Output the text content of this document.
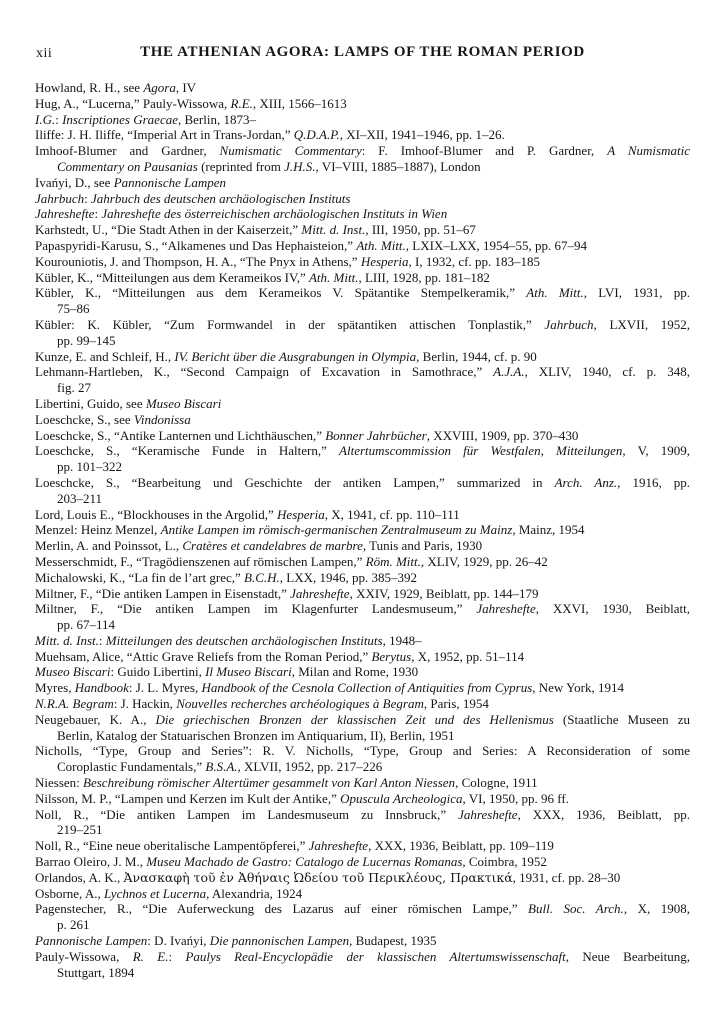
xii	THE ATHENIAN AGORA: LAMPS OF THE ROMAN PERIOD
Howland, R. H., see Agora, IV
Hug, A., “Lucerna,” Pauly-Wissowa, R.E., XIII, 1566–1613
I.G.: Inscriptiones Graecae, Berlin, 1873–
Iliffe: J. H. Iliffe, “Imperial Art in Trans-Jordan,” Q.D.A.P., XI–XII, 1941–1946, pp. 1–26.
Imhoof-Blumer and Gardner, Numismatic Commentary: F. Imhoof-Blumer and P. Gardner, A Numismatic
Commentary on Pausanias (reprinted from J.H.S., VI–VIII, 1885–1887), London
Ivańyi, D., see Pannonische Lampen
Jahrbuch: Jahrbuch des deutschen archäologischen Instituts
Jahreshefte: Jahreshefte des österreichischen archäologischen Instituts in Wien
Karhstedt, U., “Die Stadt Athen in der Kaiserzeit,” Mitt. d. Inst., III, 1950, pp. 51–67
Papaspyridi-Karusu, S., “Alkamenes und Das Hephaisteion,” Ath. Mitt., LXIX–LXX, 1954–55, pp. 67–94
Kourouniotis, J. and Thompson, H. A., “The Pnyx in Athens,” Hesperia, I, 1932, cf. pp. 183–185
Kübler, K., “Mitteilungen aus dem Kerameikos IV,” Ath. Mitt., LIII, 1928, pp. 181–182
Kübler, K., “Mitteilungen aus dem Kerameikos V. Spätantike Stempelkeramik,” Ath. Mitt., LVI, 1931, pp.
75–86
Kübler: K. Kübler, “Zum Formwandel in der spätantiken attischen Tonplastik,” Jahrbuch, LXVII, 1952,
pp. 99–145
Kunze, E. and Schleif, H., IV. Bericht über die Ausgrabungen in Olympia, Berlin, 1944, cf. p. 90
Lehmann-Hartleben, K., “Second Campaign of Excavation in Samothrace,” A.J.A., XLIV, 1940, cf. p. 348,
fig. 27
Libertini, Guido, see Museo Biscari
Loeschcke, S., see Vindonissa
Loeschcke, S., “Antike Lanternen und Lichthäuschen,” Bonner Jahrbücher, XXVIII, 1909, pp. 370–430
Loeschcke, S., “Keramische Funde in Haltern,” Altertumscommission für Westfalen, Mitteilungen, V, 1909,
pp. 101–322
Loeschcke, S., “Bearbeitung und Geschichte der antiken Lampen,” summarized in Arch. Anz., 1916, pp.
203–211
Lord, Louis E., “Blockhouses in the Argolid,” Hesperia, X, 1941, cf. pp. 110–111
Menzel: Heinz Menzel, Antike Lampen im römisch-germanischen Zentralmuseum zu Mainz, Mainz, 1954
Merlin, A. and Poinssot, L., Cratères et candelabres de marbre, Tunis and Paris, 1930
Messerschmidt, F., “Tragödienszenen auf römischen Lampen,” Röm. Mitt., XLIV, 1929, pp. 26–42
Michalowski, K., “La fin de l’art grec,” B.C.H., LXX, 1946, pp. 385–392
Miltner, F., “Die antiken Lampen in Eisenstadt,” Jahreshefte, XXIV, 1929, Beiblatt, pp. 144–179
Miltner, F., “Die antiken Lampen im Klagenfurter Landesmuseum,” Jahreshefte, XXVI, 1930, Beiblatt,
pp. 67–114
Mitt. d. Inst.: Mitteilungen des deutschen archäologischen Instituts, 1948–
Muehsam, Alice, “Attic Grave Reliefs from the Roman Period,” Berytus, X, 1952, pp. 51–114
Museo Biscari: Guido Libertini, Il Museo Biscari, Milan and Rome, 1930
Myres, Handbook: J. L. Myres, Handbook of the Cesnola Collection of Antiquities from Cyprus, New York, 1914
N.R.A. Begram: J. Hackin, Nouvelles recherches archéologiques à Begram, Paris, 1954
Neugebauer, K. A., Die griechischen Bronzen der klassischen Zeit und des Hellenismus (Staatliche Museen zu
Berlin, Katalog der Statuarischen Bronzen im Antiquarium, II), Berlin, 1951
Nicholls, “Type, Group and Series”: R. V. Nicholls, “Type, Group and Series: A Reconsideration of some
Coroplastic Fundamentals,” B.S.A., XLVII, 1952, pp. 217–226
Niessen: Beschreibung römischer Altertümer gesammelt von Karl Anton Niessen, Cologne, 1911
Nilsson, M. P., “Lampen und Kerzen im Kult der Antike,” Opuscula Archeologica, VI, 1950, pp. 96 ff.
Noll, R., “Die antiken Lampen im Landesmuseum zu Innsbruck,” Jahreshefte, XXX, 1936, Beiblatt, pp.
219–251
Noll, R., “Eine neue oberitalische Lampentöpferei,” Jahreshefte, XXX, 1936, Beiblatt, pp. 109–119
Barrao Oleiro, J. M., Museu Machado de Gastro: Catalogo de Lucernas Romanas, Coimbra, 1952
Orlandos, A. K., Ἀνασκαφὴ τοῦ ἐν Ἀθήναις Ὠδείου τοῦ Περικλέους, Πρακτικά, 1931, cf. pp. 28–30
Osborne, A., Lychnos et Lucerna, Alexandria, 1924
Pagenstecher, R., “Die Auferweckung des Lazarus auf einer römischen Lampe,” Bull. Soc. Arch., X, 1908,
p. 261
Pannonische Lampen: D. Ivańyi, Die pannonischen Lampen, Budapest, 1935
Pauly-Wissowa, R. E.: Paulys Real-Encyclopädie der klassischen Altertumswissenschaft, Neue Bearbeitung,
Stuttgart, 1894
